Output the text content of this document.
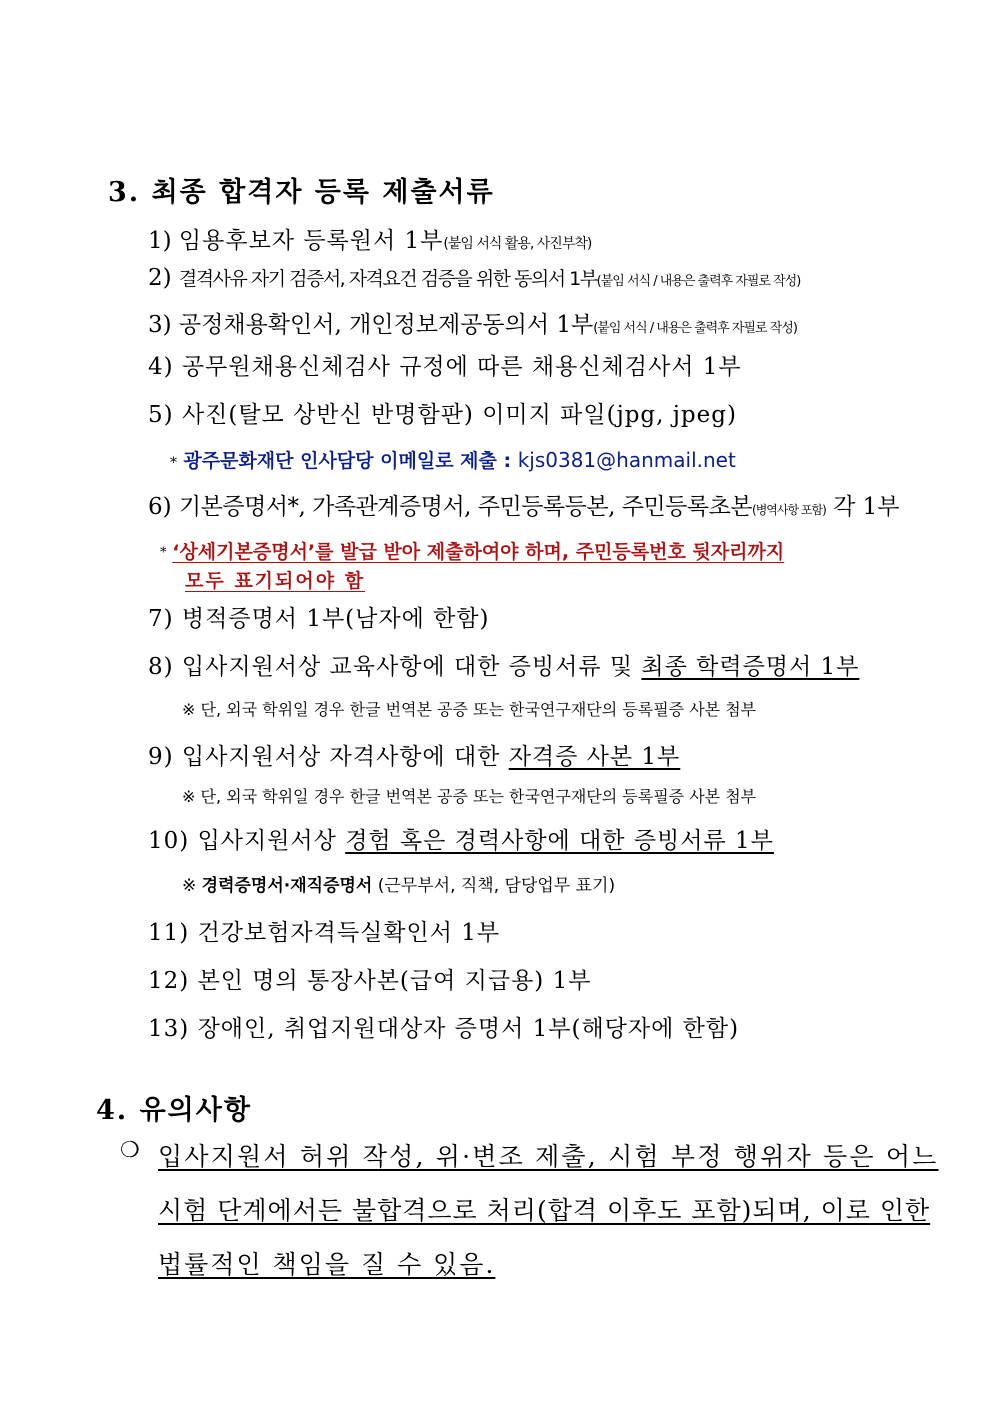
3. 최종 합격자 등록 제출서류
1) 임용후보자 등록원서 1부(붙임 서식 활용, 사진부착)
2) 결격사유 자기 검증서, 자격요건 검증을 위한 동의서 1부(붙임 서식 / 내용은 출력후 자필로 작성)
3) 공정채용확인서, 개인정보제공동의서 1부(붙임 서식 / 내용은 출력후 자필로 작성)
4) 공무원채용신체검사 규정에 따른 채용신체검사서 1부
5) 사진(탈모 상반신 반명함판) 이미지 파일(jpg, jpeg)
* 광주문화재단 인사담당 이메일로 제출 : kjs0381@hanmail.net
6) 기본증명서*, 가족관계증명서, 주민등록등본, 주민등록초본(병역사항 포함) 각 1부
* ‘상세기본증명서’를 발급 받아 제출하여야 하며, 주민등록번호 뒷자리까지
모두 표기되어야 함
7) 병적증명서 1부(남자에 한함)
8) 입사지원서상 교육사항에 대한 증빙서류 및 최종 학력증명서 1부
※ 단, 외국 학위일 경우 한글 번역본 공증 또는 한국연구재단의 등록필증 사본 첨부
9) 입사지원서상 자격사항에 대한 자격증 사본 1부
※ 단, 외국 학위일 경우 한글 번역본 공증 또는 한국연구재단의 등록필증 사본 첨부
10) 입사지원서상 경험 혹은 경력사항에 대한 증빙서류 1부
※ 경력증명서·재직증명서 (근무부서, 직책, 담당업무 표기)
11) 건강보험자격득실확인서 1부
12) 본인 명의 통장사본(급여 지급용) 1부
13) 장애인, 취업지원대상자 증명서 1부(해당자에 한함)
4. 유의사항
❍ 입사지원서 허위 작성, 위·변조 제출, 시험 부정 행위자 등은 어느
시험 단계에서든 불합격으로 처리(합격 이후도 포함)되며, 이로 인한
법률적인 책임을 질 수 있음.
